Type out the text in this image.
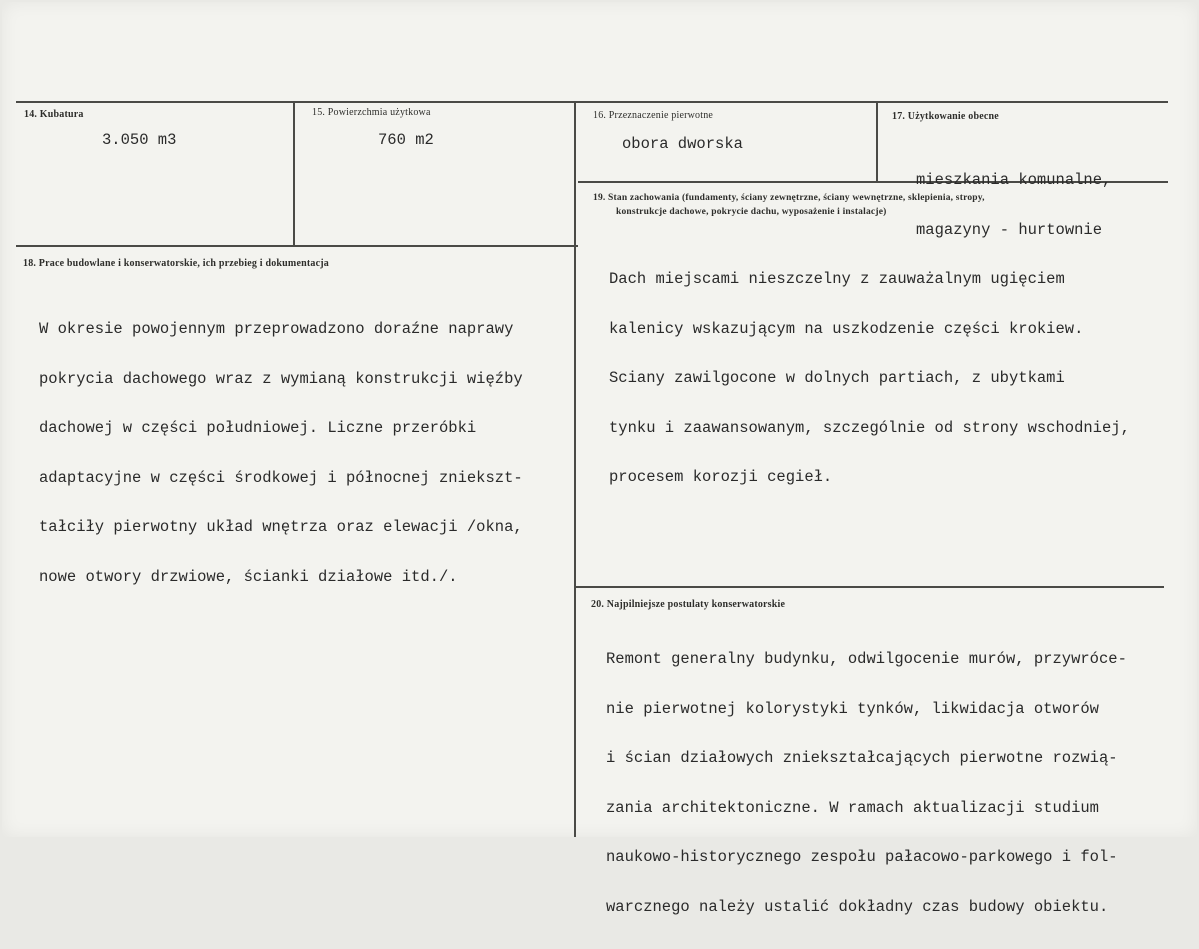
14. Kubatura
3.050 m3
15. Powierzchmia użytkowa
760 m2
16. Przeznaczenie pierwotne
obora dworska
17. Użytkowanie obecne

mieszkania komunalne,

magazyny - hurtownie

18. Prace budowlane i konserwatorskie, ich przebieg i dokumentacja

W okresie powojennym przeprowadzono doraźne naprawy

pokrycia dachowego wraz z wymianą konstrukcji więźby

dachowej w części południowej. Liczne przeróbki

adaptacyjne w części środkowej i północnej zniekszt-

tałciły pierwotny układ wnętrza oraz elewacji /okna,

nowe otwory drzwiowe, ścianki działowe itd./.

19. Stan zachowania (fundamenty, ściany zewnętrzne, ściany wewnętrzne, sklepienia, stropy,
konstrukcje dachowe, pokrycie dachu, wyposażenie i instalacje)

Dach miejscami nieszczelny z zauważalnym ugięciem

kalenicy wskazującym na uszkodzenie części krokiew.

Sciany zawilgocone w dolnych partiach, z ubytkami

tynku i zaawansowanym, szczególnie od strony wschodniej,

procesem korozji cegieł.

20. Najpilniejsze postulaty konserwatorskie

Remont generalny budynku, odwilgocenie murów, przywróce-

nie pierwotnej kolorystyki tynków, likwidacja otworów

i ścian działowych zniekształcających pierwotne rozwią-

zania architektoniczne. W ramach aktualizacji studium

naukowo-historycznego zespołu pałacowo-parkowego i fol-

warcznego należy ustalić dokładny czas budowy obiektu.
